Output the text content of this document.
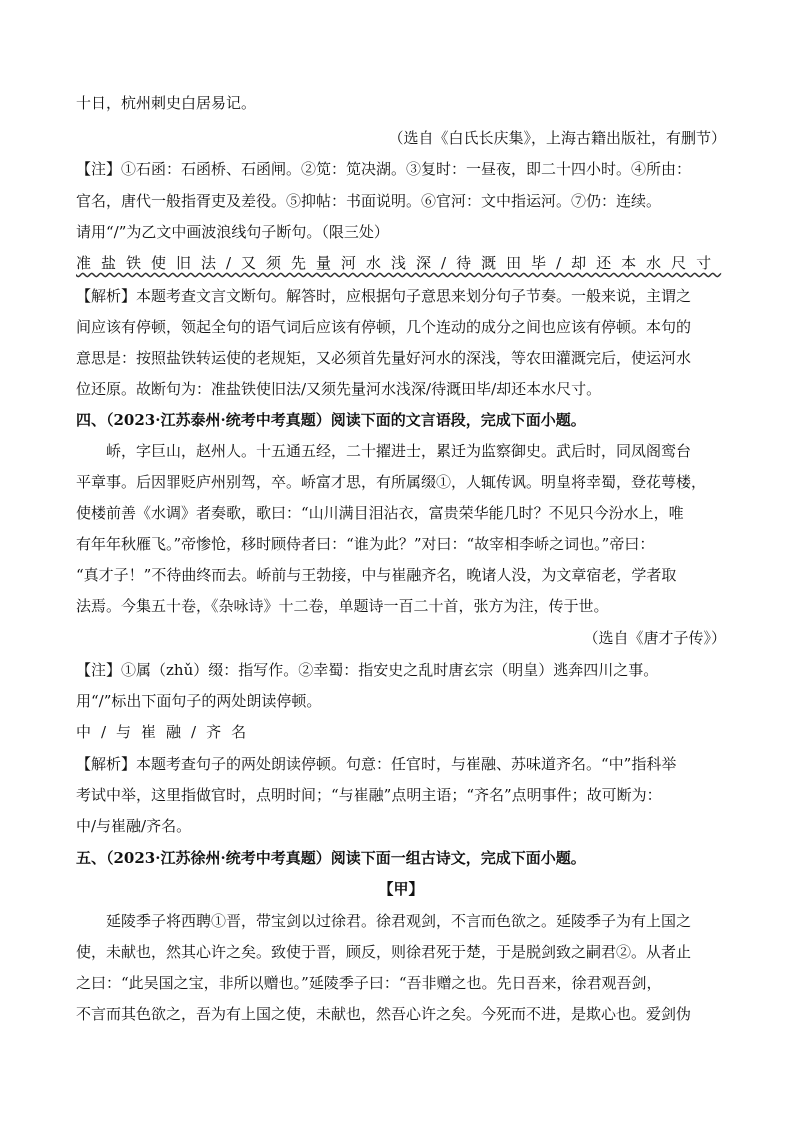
十日，杭州刺史白居易记。
（选自《白氏长庆集》，上海古籍出版社，有删节）
【注】①石函：石函桥、石函闸。②笕：笕决湖。③复时：一昼夜，即二十四小时。④所由：
官名，唐代一般指胥吏及差役。⑤抑帖：书面说明。⑥官河：文中指运河。⑦仍：连续。
请用“/”为乙文中画波浪线句子断句。（限三处）
准盐铁使旧法/又须先量河水浅深/待溉田毕/却还本水尺寸
【解析】本题考查文言文断句。解答时，应根据句子意思来划分句子节奏。一般来说，主谓之
间应该有停顿，领起全句的语气词后应该有停顿，几个连动的成分之间也应该有停顿。本句的
意思是：按照盐铁转运使的老规矩，又必须首先量好河水的深浅，等农田灌溉完后，使运河水
位还原。故断句为：准盐铁使旧法/又须先量河水浅深/待溉田毕/却还本水尺寸。
四、（2023·江苏泰州·统考中考真题）阅读下面的文言语段，完成下面小题。
峤，字巨山，赵州人。十五通五经，二十擢进士，累迁为监察御史。武后时，同凤阁鸾台
平章事。后因罪贬庐州别驾，卒。峤富才思，有所属缀①，人辄传讽。明皇将幸蜀，登花萼楼，
使楼前善《水调》者奏歌，歌曰：“山川满目泪沾衣，富贵荣华能几时？不见只今汾水上，唯
有年年秋雁飞。”帝惨怆，移时顾侍者曰：“谁为此？”对曰：“故宰相李峤之词也。”帝曰：
“真才子！”不待曲终而去。峤前与王勃接，中与崔融齐名，晚诸人没，为文章宿老，学者取
法焉。今集五十卷，《杂咏诗》十二卷，单题诗一百二十首，张方为注，传于世。
（选自《唐才子传》）
【注】①属（zhǔ）缀：指写作。②幸蜀：指安史之乱时唐玄宗（明皇）逃奔四川之事。
用“/”标出下面句子的两处朗读停顿。
中/与崔融/齐名
【解析】本题考查句子的两处朗读停顿。句意：任官时，与崔融、苏味道齐名。“中”指科举
考试中举，这里指做官时，点明时间；“与崔融”点明主语；“齐名”点明事件；故可断为：
中/与崔融/齐名。
五、（2023·江苏徐州·统考中考真题）阅读下面一组古诗文，完成下面小题。
【甲】
延陵季子将西聘①晋，带宝剑以过徐君。徐君观剑，不言而色欲之。延陵季子为有上国之
使，未献也，然其心许之矣。致使于晋，顾反，则徐君死于楚，于是脱剑致之嗣君②。从者止
之曰：“此吴国之宝，非所以赠也。”延陵季子曰：“吾非赠之也。先日吾来，徐君观吾剑，
不言而其色欲之，吾为有上国之使，未献也，然吾心许之矣。今死而不进，是欺心也。爱剑伪
